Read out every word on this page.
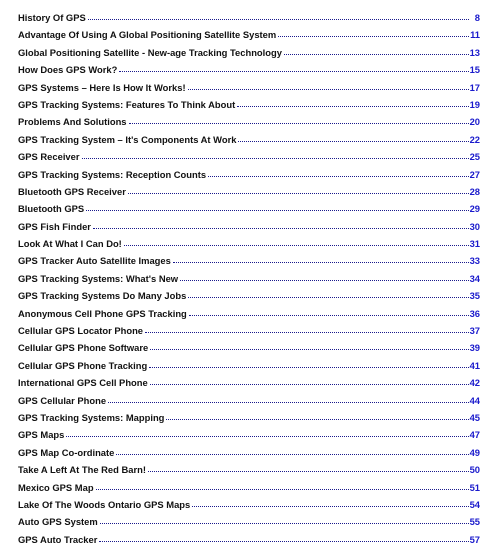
History Of GPS	8
Advantage Of Using A Global Positioning Satellite System	11
Global Positioning Satellite - New-age Tracking Technology	13
How Does GPS Work?	15
GPS Systems – Here Is How It Works!	17
GPS Tracking Systems: Features To Think About	19
Problems And Solutions	20
GPS Tracking System – It's Components At Work	22
GPS Receiver	25
GPS Tracking Systems: Reception Counts	27
Bluetooth GPS Receiver	28
Bluetooth GPS	29
GPS Fish Finder	30
Look At What I Can Do!	31
GPS Tracker Auto Satellite Images	33
GPS Tracking Systems: What's New	34
GPS Tracking Systems Do Many Jobs	35
Anonymous Cell Phone GPS Tracking	36
Cellular GPS Locator Phone	37
Cellular GPS Phone Software	39
Cellular GPS Phone Tracking	41
International GPS Cell Phone	42
GPS Cellular Phone	44
GPS Tracking Systems: Mapping	45
GPS Maps	47
GPS Map Co-ordinate	49
Take A Left At The Red Barn!	50
Mexico GPS Map	51
Lake Of The Woods Ontario GPS Maps	54
Auto GPS System	55
GPS Auto Tracker	57
